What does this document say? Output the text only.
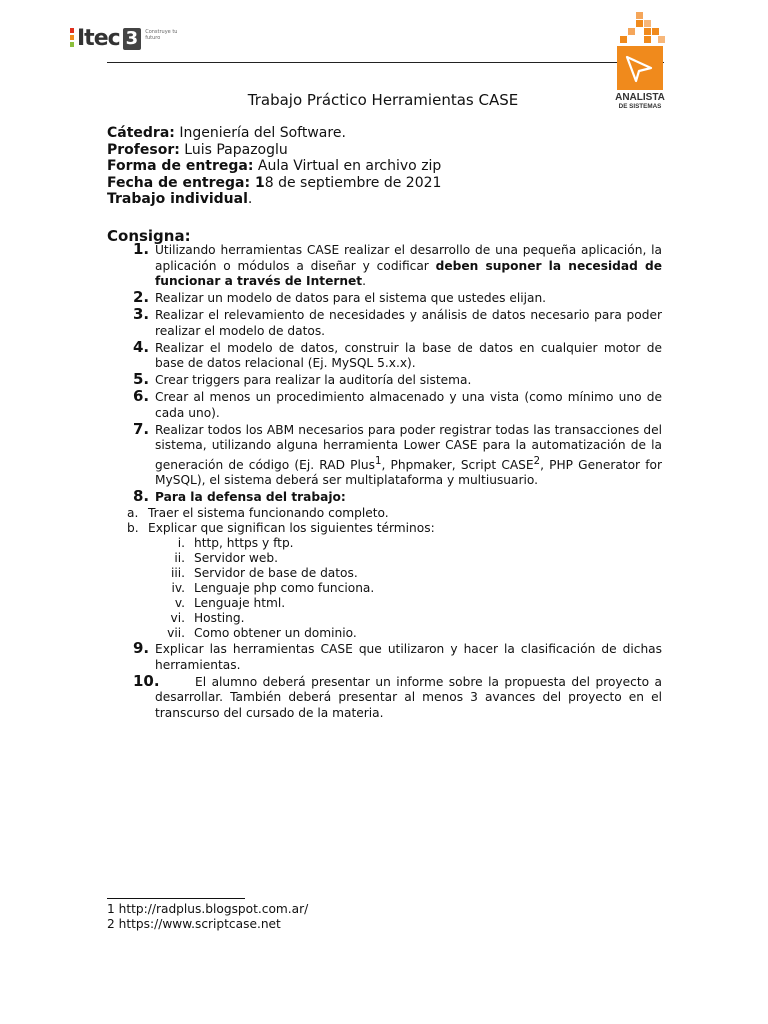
Itec 3	Construye tu futuro
ANALISTA
DE SISTEMAS
Trabajo Práctico Herramientas CASE
Cátedra: Ingeniería del Software.
Profesor: Luis Papazoglu
Forma de entrega: Aula Virtual en archivo zip
Fecha de entrega: 18 de septiembre de 2021
Trabajo individual.
Consigna:
1. Utilizando herramientas CASE realizar el desarrollo de una pequeña aplicación, la aplicación o módulos a diseñar y codificar deben suponer la necesidad de funcionar a través de Internet.
2. Realizar un modelo de datos para el sistema que ustedes elijan.
3. Realizar el relevamiento de necesidades y análisis de datos necesario para poder realizar el modelo de datos.
4. Realizar el modelo de datos, construir la base de datos en cualquier motor de base de datos relacional (Ej. MySQL 5.x.x).
5. Crear triggers para realizar la auditoría del sistema.
6. Crear al menos un procedimiento almacenado y una vista (como mínimo uno de cada uno).
7. Realizar todos los ABM necesarios para poder registrar todas las transacciones del sistema, utilizando alguna herramienta Lower CASE para la automatización de la generación de código (Ej. RAD Plus$^1$, Phpmaker, Script CASE$^2$, PHP Generator for MySQL), el sistema deberá ser multiplataforma y multiusuario.
8. Para la defensa del trabajo:
a. Traer el sistema funcionando completo.
b. Explicar que significan los siguientes términos:
i. http, https y ftp.
ii. Servidor web.
iii. Servidor de base de datos.
iv. Lenguaje php como funciona.
v. Lenguaje html.
vi. Hosting.
vii. Como obtener un dominio.
9. Explicar las herramientas CASE que utilizaron y hacer la clasificación de dichas herramientas.
10.	El alumno deberá presentar un informe sobre la propuesta del proyecto a desarrollar. También deberá presentar al menos 3 avances del proyecto en el transcurso del cursado de la materia.
1 http://radplus.blogspot.com.ar/
2 https://www.scriptcase.net
